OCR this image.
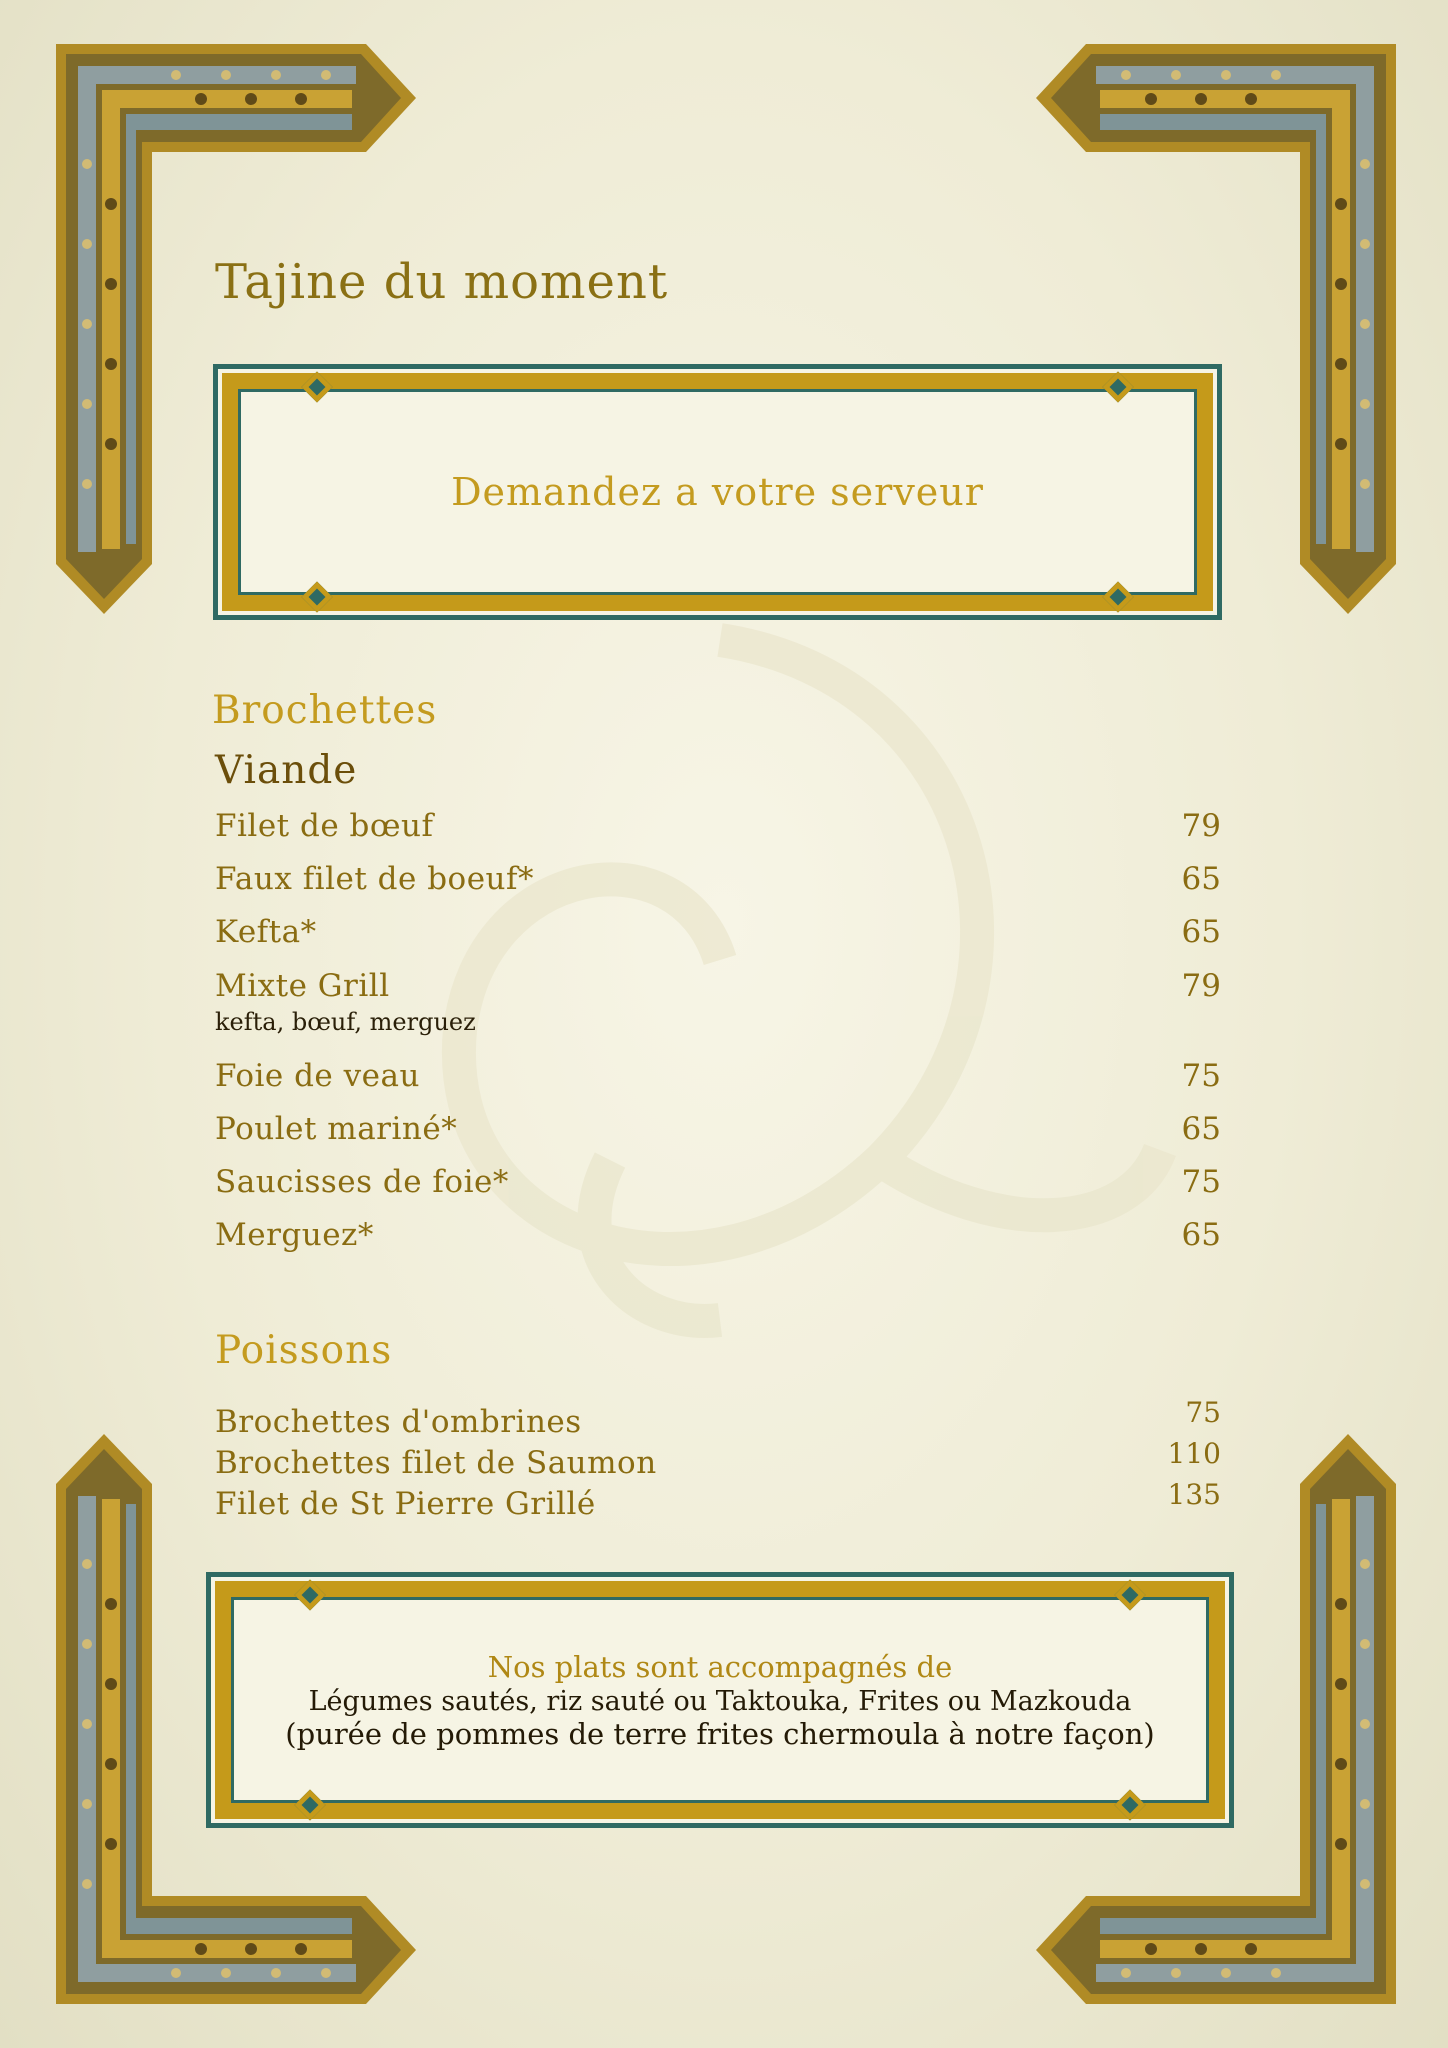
Tajine du moment
Demandez a votre serveur
Brochettes
Viande
Filet de bœuf	79
Faux filet de boeuf*	65
Kefta*	65
Mixte Grill	79
kefta, bœuf, merguez
Foie de veau	75
Poulet mariné*	65
Saucisses de foie*	75
Merguez*	65
Poissons
Brochettes d'ombrines	75
Brochettes filet de Saumon	110
Filet de St Pierre Grillé	135
Nos plats sont accompagnés de
Légumes sautés, riz sauté ou Taktouka, Frites ou Mazkouda
(purée de pommes de terre frites chermoula à notre façon)
